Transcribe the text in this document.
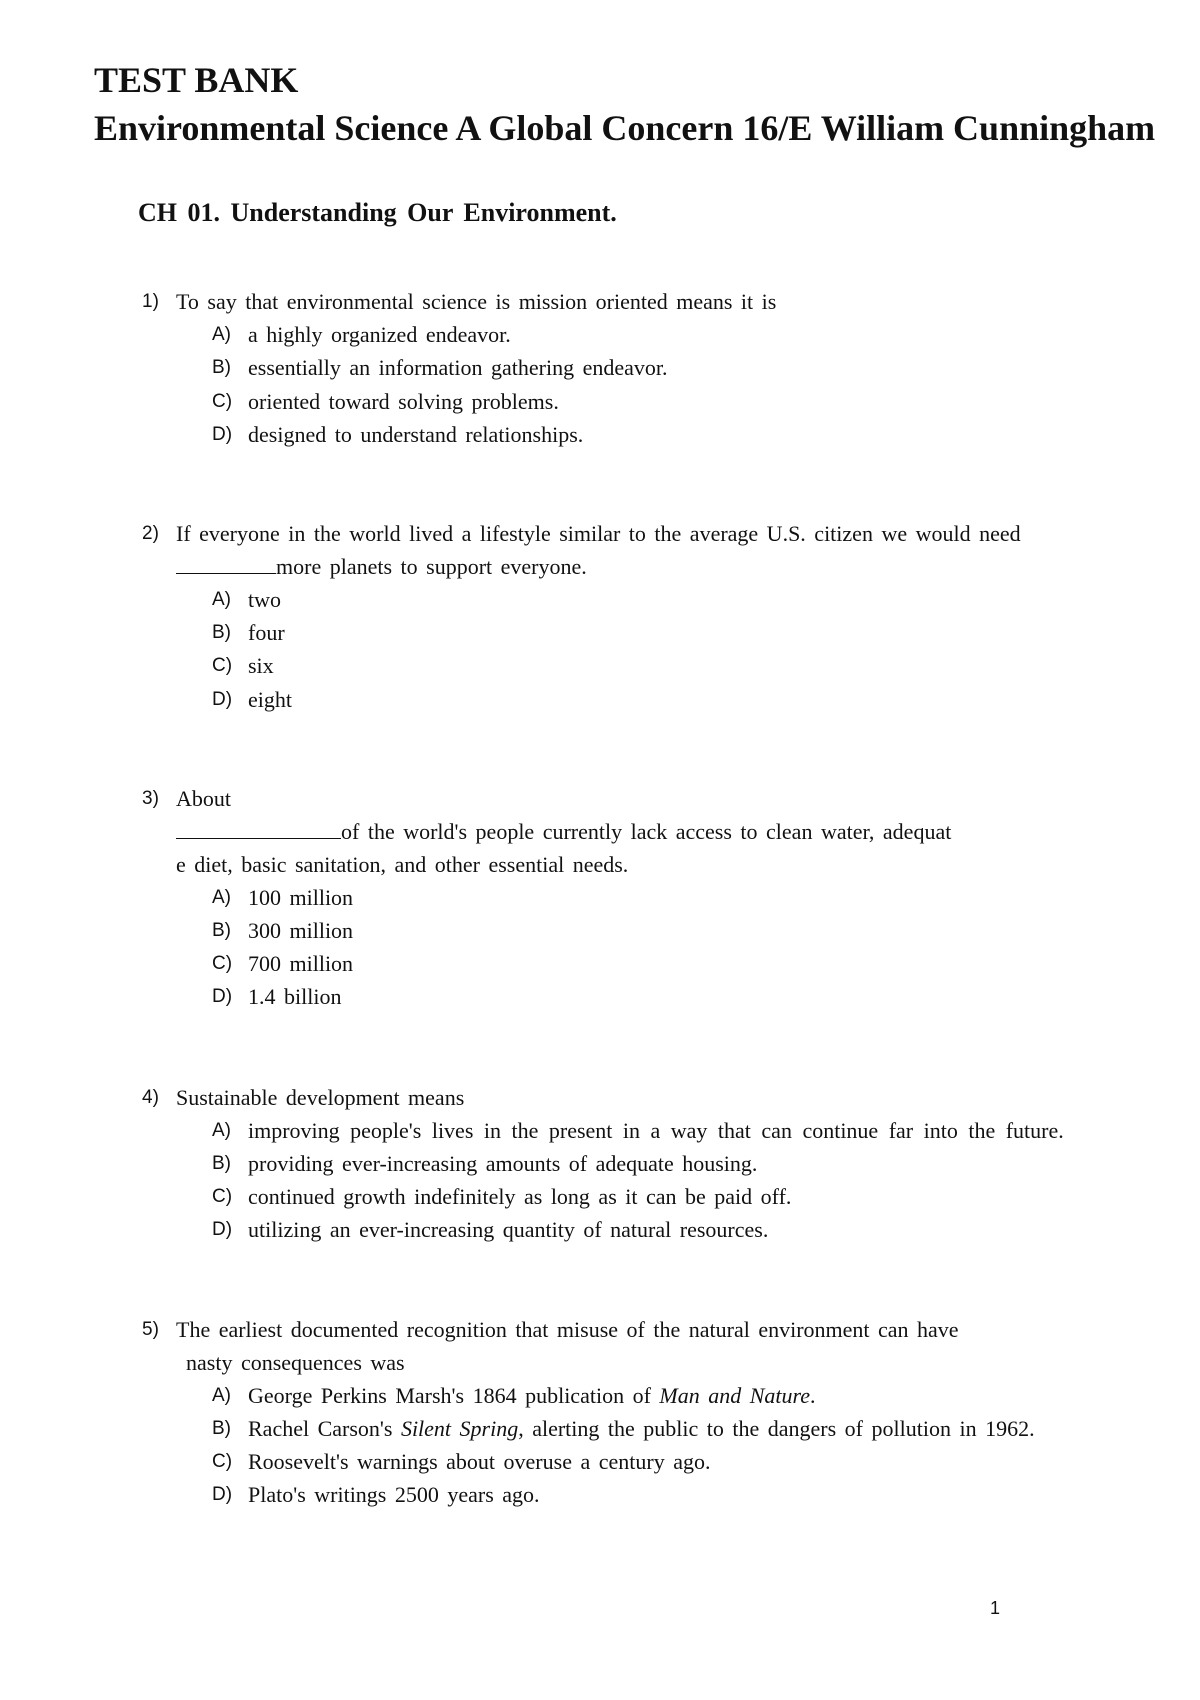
TEST BANK
Environmental Science A Global Concern 16/E William Cunningham
CH 01. Understanding Our Environment.
1) To say that environmental science is mission oriented means it is
A) a highly organized endeavor.
B) essentially an information gathering endeavor.
C) oriented toward solving problems.
D) designed to understand relationships.
2) If everyone in the world lived a lifestyle similar to the average U.S. citizen we would need
more planets to support everyone.
A) two
B) four
C) six
D) eight
3) About
of the world's people currently lack access to clean water, adequat
e diet, basic sanitation, and other essential needs.
A) 100 million
B) 300 million
C) 700 million
D) 1.4 billion
4) Sustainable development means
A) improving people's lives in the present in a way that can continue far into the future.
B) providing ever-increasing amounts of adequate housing.
C) continued growth indefinitely as long as it can be paid off.
D) utilizing an ever-increasing quantity of natural resources.
5) The earliest documented recognition that misuse of the natural environment can have
nasty consequences was
A) George Perkins Marsh's 1864 publication of Man and Nature.
B) Rachel Carson's Silent Spring, alerting the public to the dangers of pollution in 1962.
C) Roosevelt's warnings about overuse a century ago.
D) Plato's writings 2500 years ago.
1
